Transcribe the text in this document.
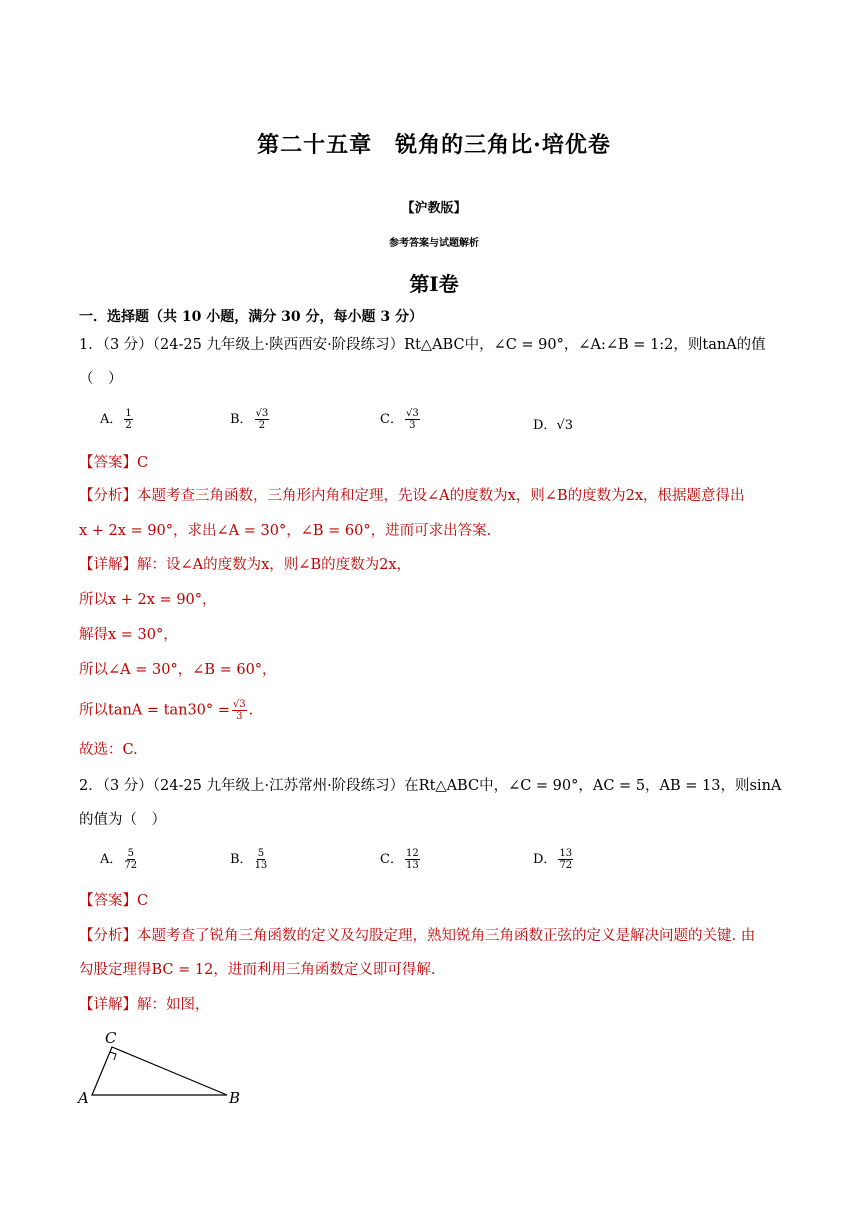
第二十五章　锐角的三角比·培优卷
【沪教版】
参考答案与试题解析
第Ⅰ卷
一．选择题（共 10 小题，满分 30 分，每小题 3 分）
1．（3 分）（24-25 九年级上·陕西西安·阶段练习）Rt△ABC中，∠C = 90°，∠A:∠B = 1:2，则tanA的值
（　）
A． $\frac{1}{2}$	B． $\frac{√3}{2}$	C． $\frac{√3}{3}$	D．√3
【答案】C
【分析】本题考查三角函数，三角形内角和定理，先设∠A的度数为x，则∠B的度数为2x，根据题意得出
x + 2x = 90°，求出∠A = 30°，∠B = 60°，进而可求出答案.
【详解】解：设∠A的度数为x，则∠B的度数为2x，
所以x + 2x = 90°，
解得x = 30°，
所以∠A = 30°，∠B = 60°，
所以$\tan A = \tan 30^\circ = \frac{√3}{3}$ .
故选：C.
2．（3 分）（24-25 九年级上·江苏常州·阶段练习）在Rt△ABC中，∠C = 90°，AC = 5，AB = 13，则sinA
的值为（　）
A． $\frac{5}{72}$	B． $\frac{5}{13}$	C． $\frac{12}{13}$	D． $\frac{13}{72}$
【答案】C
【分析】本题考查了锐角三角函数的定义及勾股定理，熟知锐角三角函数正弦的定义是解决问题的关键. 由
勾股定理得BC = 12，进而利用三角函数定义即可得解.
【详解】解：如图，
A	B
C
